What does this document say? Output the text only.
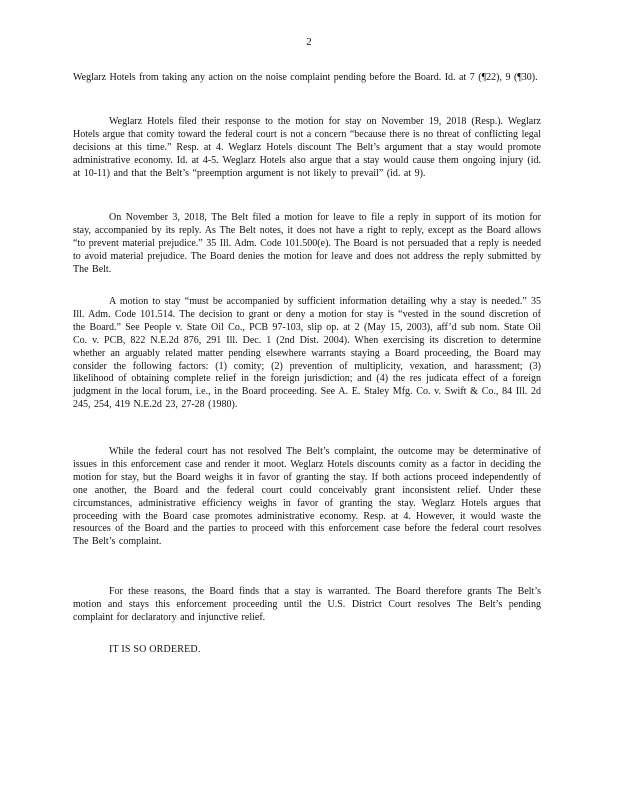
2

Weglarz Hotels from taking any action on the noise complaint pending before the Board. Id. at 7 (¶22), 9 (¶30).

Weglarz Hotels filed their response to the motion for stay on November 19, 2018 (Resp.). Weglarz Hotels argue that comity toward the federal court is not a concern “because there is no threat of conflicting legal decisions at this time.” Resp. at 4. Weglarz Hotels discount The Belt’s argument that a stay would promote administrative economy. Id. at 4-5. Weglarz Hotels also argue that a stay would cause them ongoing injury (id. at 10-11) and that the Belt’s “preemption argument is not likely to prevail” (id. at 9).

On November 3, 2018, The Belt filed a motion for leave to file a reply in support of its motion for stay, accompanied by its reply. As The Belt notes, it does not have a right to reply, except as the Board allows “to prevent material prejudice.” 35 Ill. Adm. Code 101.500(e). The Board is not persuaded that a reply is needed to avoid material prejudice. The Board denies the motion for leave and does not address the reply submitted by The Belt.

A motion to stay “must be accompanied by sufficient information detailing why a stay is needed.” 35 Ill. Adm. Code 101.514. The decision to grant or deny a motion for stay is “vested in the sound discretion of the Board.” See People v. State Oil Co., PCB 97-103, slip op. at 2 (May 15, 2003), aff’d sub nom. State Oil Co. v. PCB, 822 N.E.2d 876, 291 Ill. Dec. 1 (2nd Dist. 2004). When exercising its discretion to determine whether an arguably related matter pending elsewhere warrants staying a Board proceeding, the Board may consider the following factors: (1) comity; (2) prevention of multiplicity, vexation, and harassment; (3) likelihood of obtaining complete relief in the foreign jurisdiction; and (4) the res judicata effect of a foreign judgment in the local forum, i.e., in the Board proceeding. See A. E. Staley Mfg. Co. v. Swift & Co., 84 Ill. 2d 245, 254, 419 N.E.2d 23, 27-28 (1980).

While the federal court has not resolved The Belt’s complaint, the outcome may be determinative of issues in this enforcement case and render it moot. Weglarz Hotels discounts comity as a factor in deciding the motion for stay, but the Board weighs it in favor of granting the stay. If both actions proceed independently of one another, the Board and the federal court could conceivably grant inconsistent relief. Under these circumstances, administrative efficiency weighs in favor of granting the stay. Weglarz Hotels argues that proceeding with the Board case promotes administrative economy. Resp. at 4. However, it would waste the resources of the Board and the parties to proceed with this enforcement case before the federal court resolves The Belt’s complaint.

For these reasons, the Board finds that a stay is warranted. The Board therefore grants The Belt’s motion and stays this enforcement proceeding until the U.S. District Court resolves The Belt’s pending complaint for declaratory and injunctive relief.

IT IS SO ORDERED.
